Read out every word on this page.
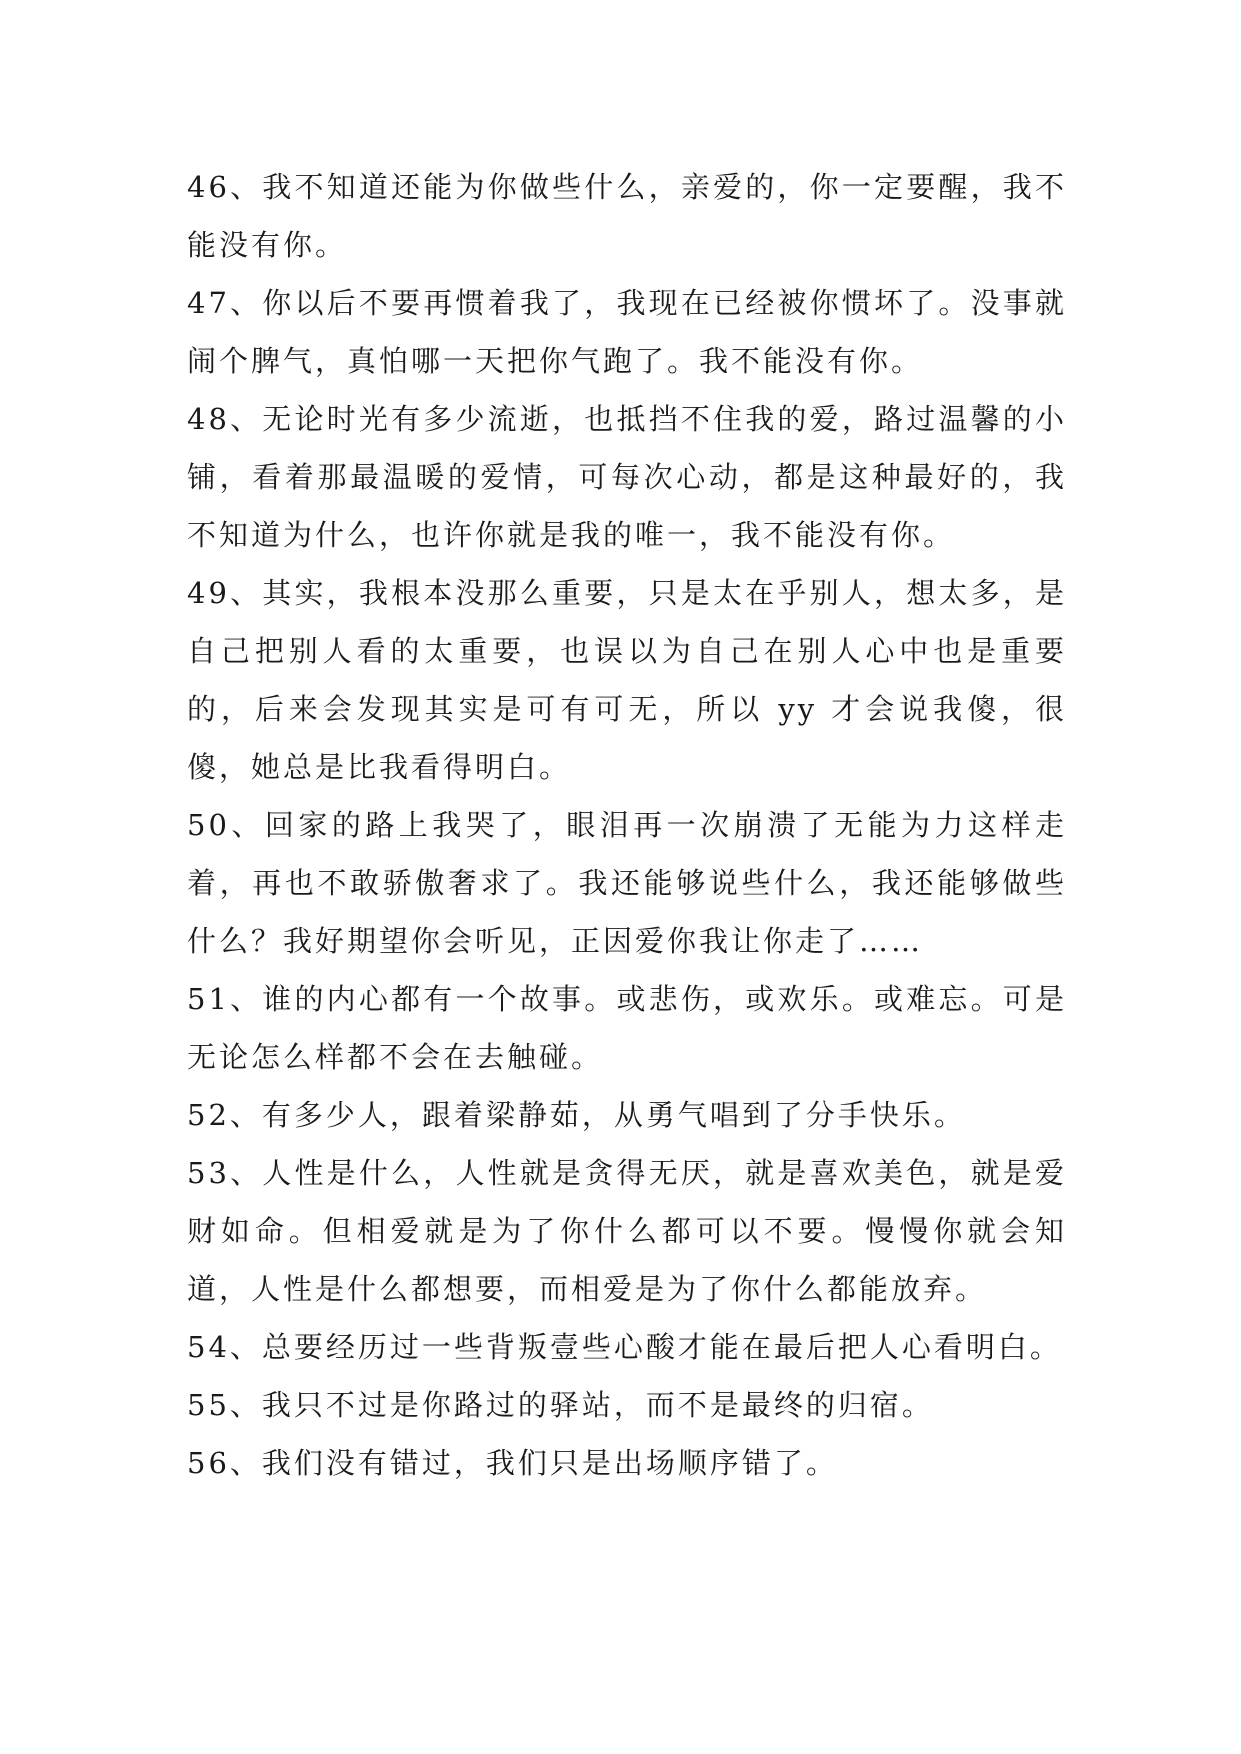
46、我不知道还能为你做些什么，亲爱的，你一定要醒，我不能没有你。

47、你以后不要再惯着我了，我现在已经被你惯坏了。没事就闹个脾气，真怕哪一天把你气跑了。我不能没有你。

48、无论时光有多少流逝，也抵挡不住我的爱，路过温馨的小铺，看着那最温暖的爱情，可每次心动，都是这种最好的，我不知道为什么，也许你就是我的唯一，我不能没有你。

49、其实，我根本没那么重要，只是太在乎别人，想太多，是自己把别人看的太重要，也误以为自己在别人心中也是重要的，后来会发现其实是可有可无，所以 yy 才会说我傻，很傻，她总是比我看得明白。

50、回家的路上我哭了，眼泪再一次崩溃了无能为力这样走着，再也不敢骄傲奢求了。我还能够说些什么，我还能够做些什么？我好期望你会听见，正因爱你我让你走了……

51、谁的内心都有一个故事。或悲伤，或欢乐。或难忘。可是无论怎么样都不会在去触碰。

52、有多少人，跟着梁静茹，从勇气唱到了分手快乐。

53、人性是什么，人性就是贪得无厌，就是喜欢美色，就是爱财如命。但相爱就是为了你什么都可以不要。慢慢你就会知道，人性是什么都想要，而相爱是为了你什么都能放弃。

54、总要经历过一些背叛壹些心酸才能在最后把人心看明白。

55、我只不过是你路过的驿站，而不是最终的归宿。

56、我们没有错过，我们只是出场顺序错了。
